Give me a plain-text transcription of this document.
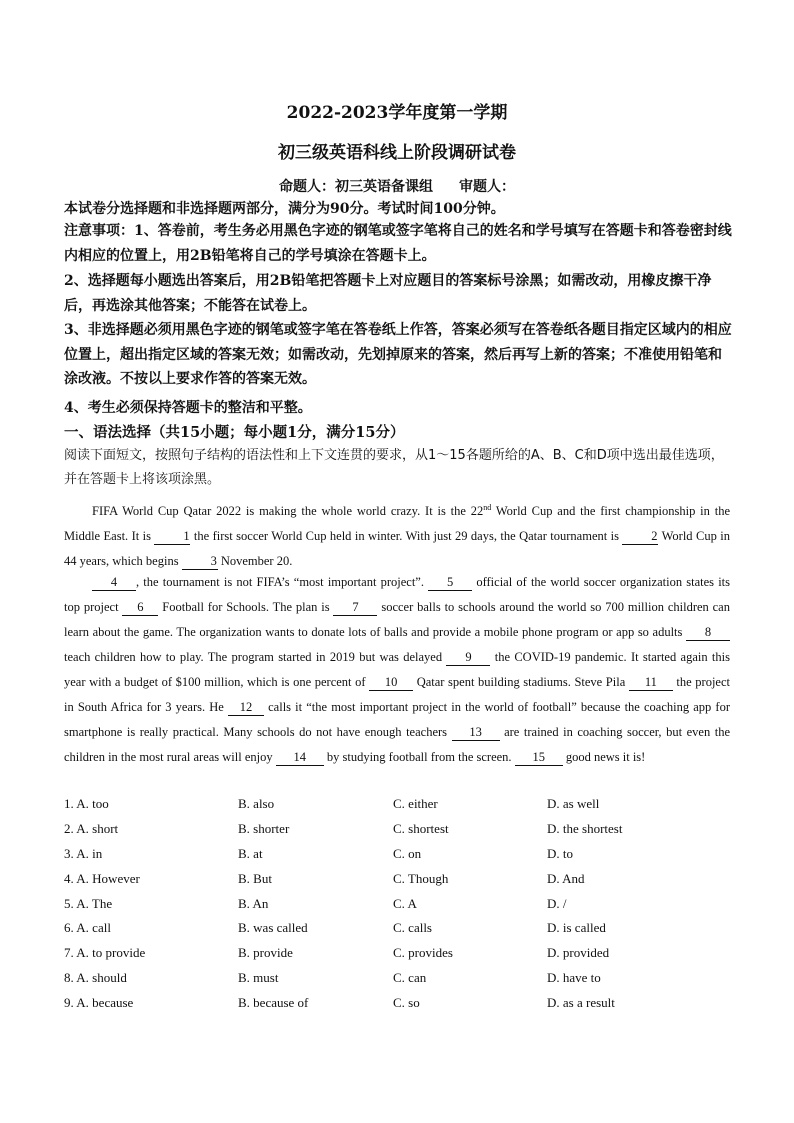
2022-2023学年度第一学期
初三级英语科线上阶段调研试卷
命题人：初三英语备课组 审题人：
本试卷分选择题和非选择题两部分，满分为90分。考试时间100分钟。
注意事项：1、答卷前，考生务必用黑色字迹的钢笔或签字笔将自己的姓名和学号填写在答题卡和答卷密封线内相应的位置上，用2B铅笔将自己的学号填涂在答题卡上。
2、选择题每小题选出答案后，用2B铅笔把答题卡上对应题目的答案标号涂黑；如需改动，用橡皮擦干净后，再选涂其他答案；不能答在试卷上。
3、非选择题必须用黑色字迹的钢笔或签字笔在答卷纸上作答，答案必须写在答卷纸各题目指定区域内的相应位置上，超出指定区域的答案无效；如需改动，先划掉原来的答案，然后再写上新的答案；不准使用铅笔和涂改液。不按以上要求作答的答案无效。
4、考生必须保持答题卡的整洁和平整。
一、语法选择（共15小题；每小题1分，满分15分）
阅读下面短文，按照句子结构的语法性和上下文连贯的要求，从1～15各题所给的A、B、C和D项中选出最佳选项，并在答题卡上将该项涂黑。
FIFA World Cup Qatar 2022 is making the whole world crazy. It is the 22nd World Cup and the first championship in the Middle East. It is 1 the first soccer World Cup held in winter. With just 29 days, the Qatar tournament is 2 World Cup in 44 years, which begins 3 November 20.
4 , the tournament is not FIFA’s “most important project”. 5 official of the world soccer organization states its top project 6 Football for Schools. The plan is 7 soccer balls to schools around the world so 700 million children can learn about the game. The organization wants to donate lots of balls and provide a mobile phone program or app so adults 8 teach children how to play. The program started in 2019 but was delayed 9 the COVID-19 pandemic. It started again this year with a budget of $100 million, which is one percent of 10 Qatar spent building stadiums. Steve Pila 11 the project in South Africa for 3 years. He 12 calls it “the most important project in the world of football” because the coaching app for smartphone is really practical. Many schools do not have enough teachers 13 are trained in coaching soccer, but even the children in the most rural areas will enjoy 14 by studying football from the screen. 15 good news it is!
1. A. too	B. also	C. either	D. as well
2. A. short	B. shorter	C. shortest	D. the shortest
3. A. in	B. at	C. on	D. to
4. A. However	B. But	C. Though	D. And
5. A. The	B. An	C. A	D. /
6. A. call	B. was called	C. calls	D. is called
7. A. to provide	B. provide	C. provides	D. provided
8. A. should	B. must	C. can	D. have to
9. A. because	B. because of	C. so	D. as a result
